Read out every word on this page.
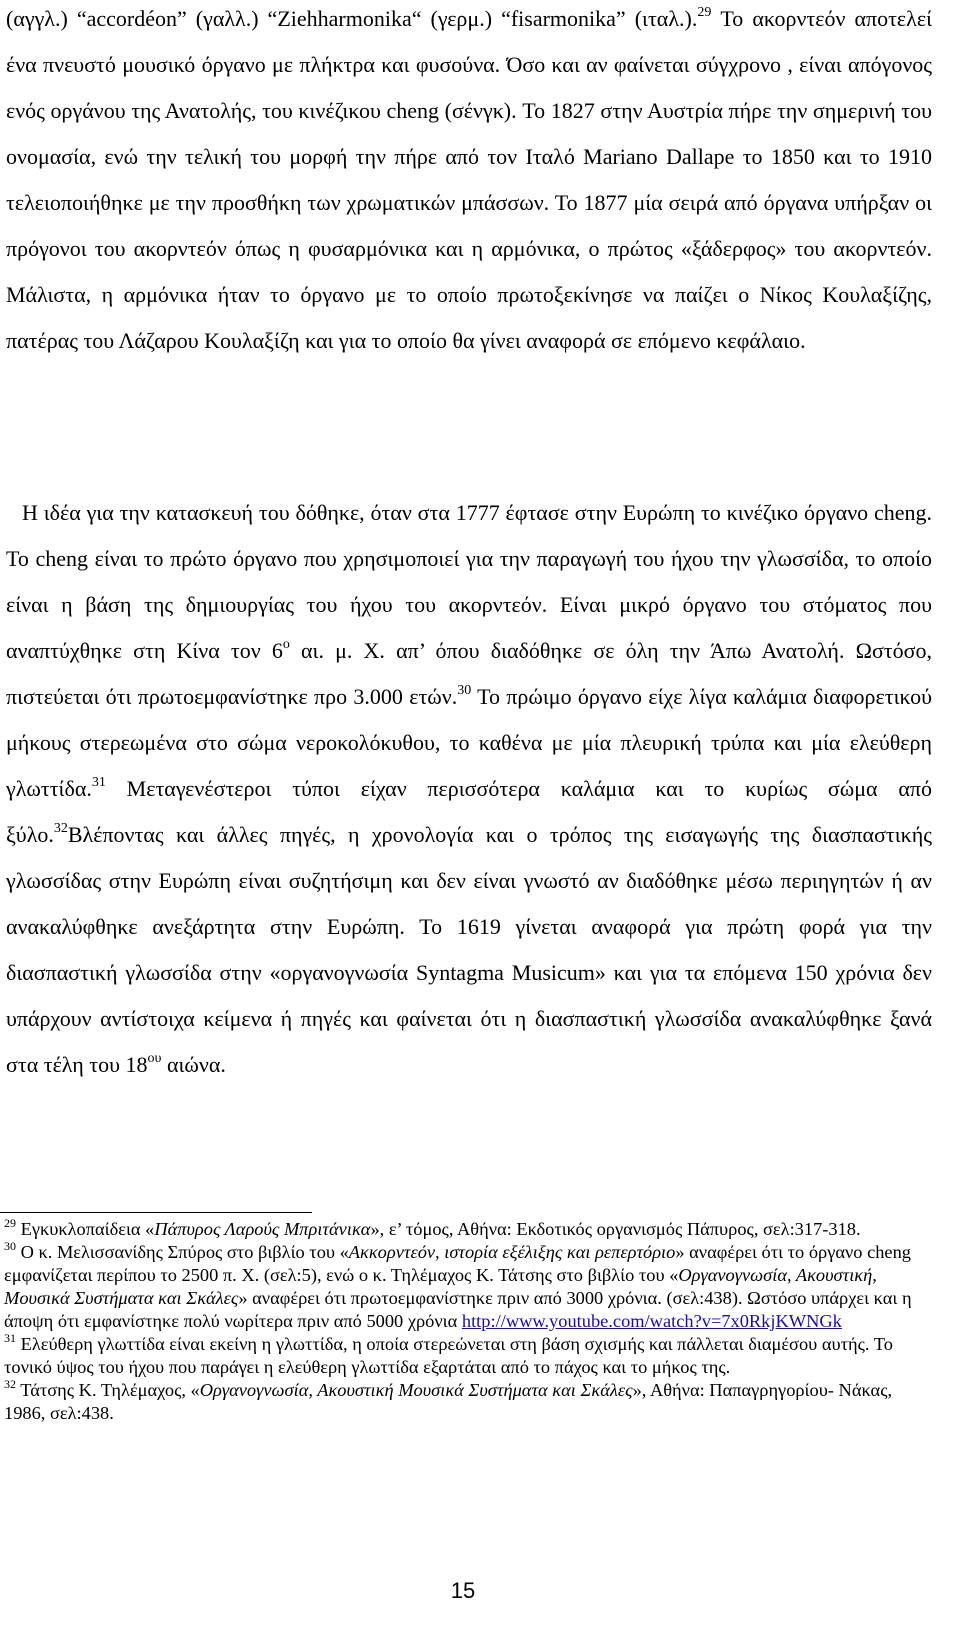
(αγγλ.) “accordéon” (γαλλ.) “Ziehharmonika“ (γερμ.) “fisarmonika” (ιταλ.).$^{29}$ Το ακορντεόν αποτελεί ένα πνευστό μουσικό όργανο με πλήκτρα και φυσούνα. Όσο και αν φαίνεται σύγχρονο , είναι απόγονος ενός οργάνου της Ανατολής, του κινέζικου cheng (σένγκ). Το 1827 στην Αυστρία πήρε την σημερινή του ονομασία, ενώ την τελική του μορφή την πήρε από τον Ιταλό Mariano Dallape το 1850 και το 1910 τελειοποιήθηκε με την προσθήκη των χρωματικών μπάσσων. Το 1877 μία σειρά από όργανα υπήρξαν οι πρόγονοι του ακορντεόν όπως η φυσαρμόνικα και η αρμόνικα, ο πρώτος «ξάδερφος» του ακορντεόν. Μάλιστα, η αρμόνικα ήταν το όργανο με το οποίο πρωτοξεκίνησε να παίζει ο Νίκος Κουλαξίζης, πατέρας του Λάζαρου Κουλαξίζη και για το οποίο θα γίνει αναφορά σε επόμενο κεφάλαιο.

Η ιδέα για την κατασκευή του δόθηκε, όταν στα 1777 έφτασε στην Ευρώπη το κινέζικο όργανο cheng. Το cheng είναι το πρώτο όργανο που χρησιμοποιεί για την παραγωγή του ήχου την γλωσσίδα, το οποίο είναι η βάση της δημιουργίας του ήχου του ακορντεόν. Είναι μικρό όργανο του στόματος που αναπτύχθηκε στη Κίνα τον $6^o$ αι. μ. Χ. απ’ όπου διαδόθηκε σε όλη την Άπω Ανατολή. Ωστόσο, πιστεύεται ότι πρωτοεμφανίστηκε προ 3.000 ετών.$^{30}$ Το πρώιμο όργανο είχε λίγα καλάμια διαφορετικού μήκους στερεωμένα στο σώμα νεροκολόκυθου, το καθένα με μία πλευρική τρύπα και μία ελεύθερη γλωττίδα.$^{31}$ Μεταγενέστεροι τύποι είχαν περισσότερα καλάμια και το κυρίως σώμα από ξύλο.$^{32}$Βλέποντας και άλλες πηγές, η χρονολογία και ο τρόπος της εισαγωγής της διασπαστικής γλωσσίδας στην Ευρώπη είναι συζητήσιμη και δεν είναι γνωστό αν διαδόθηκε μέσω περιηγητών ή αν ανακαλύφθηκε ανεξάρτητα στην Ευρώπη. Το 1619 γίνεται αναφορά για πρώτη φορά για την διασπαστική γλωσσίδα στην «οργανογνωσία Syntagma Musicum» και για τα επόμενα 150 χρόνια δεν υπάρχουν αντίστοιχα κείμενα ή πηγές και φαίνεται ότι η διασπαστική γλωσσίδα ανακαλύφθηκε ξανά στα τέλη του $18^{o\upsilon}$ αιώνα.

$^{29}$ Εγκυκλοπαίδεια «Πάπυρος Λαρούς Μπριτάνικα», ε’ τόμος, Αθήνα: Εκδοτικός οργανισμός Πάπυρος, σελ:317-318.

$^{30}$ Ο κ. Μελισσανίδης Σπύρος στο βιβλίο του «Ακκορντεόν, ιστορία εξέλιξης και ρεπερτόριο» αναφέρει ότι το όργανο cheng εμφανίζεται περίπου το 2500 π. Χ. (σελ:5), ενώ ο κ. Τηλέμαχος Κ. Τάτσης στο βιβλίο του «Οργανογνωσία, Ακουστική, Μουσικά Συστήματα και Σκάλες» αναφέρει ότι πρωτοεμφανίστηκε πριν από 3000 χρόνια. (σελ:438). Ωστόσο υπάρχει και η άποψη ότι εμφανίστηκε πολύ νωρίτερα πριν από 5000 χρόνια http://www.youtube.com/watch?v=7x0RkjKWNGk

$^{31}$ Ελεύθερη γλωττίδα είναι εκείνη η γλωττίδα, η οποία στερεώνεται στη βάση σχισμής και πάλλεται διαμέσου αυτής. Το τονικό ύψος του ήχου που παράγει η ελεύθερη γλωττίδα εξαρτάται από το πάχος και το μήκος της.

$^{32}$ Τάτσης Κ. Τηλέμαχος, «Οργανογνωσία, Ακουστική Μουσικά Συστήματα και Σκάλες», Αθήνα: Παπαγρηγορίου- Νάκας, 1986, σελ:438.

15
